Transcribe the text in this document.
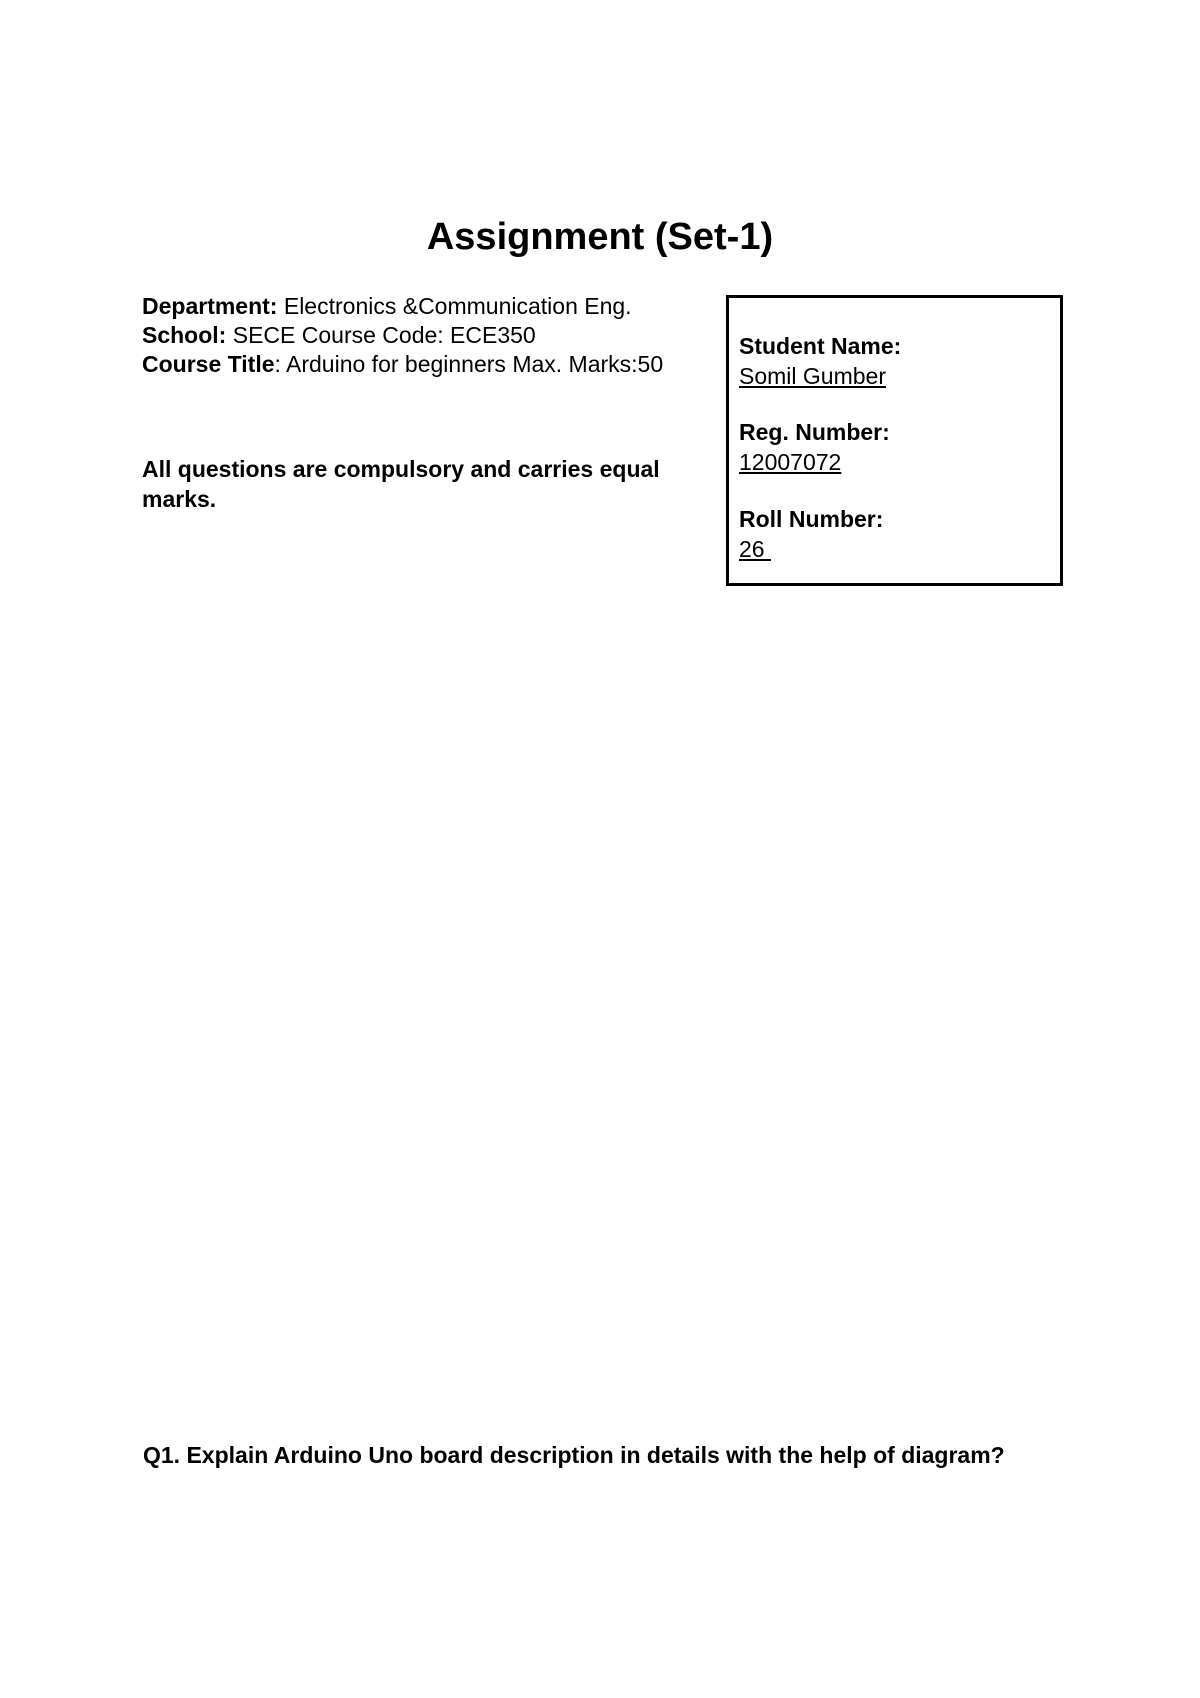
Assignment (Set-1)
Department: Electronics &Communication Eng.
School: SECE Course Code: ECE350
Course Title: Arduino for beginners Max. Marks:50
All questions are compulsory and carries equal marks.
Student Name:
Somil Gumber
Reg. Number:
12007072
Roll Number:
26
Q1. Explain Arduino Uno board description in details with the help of diagram?
